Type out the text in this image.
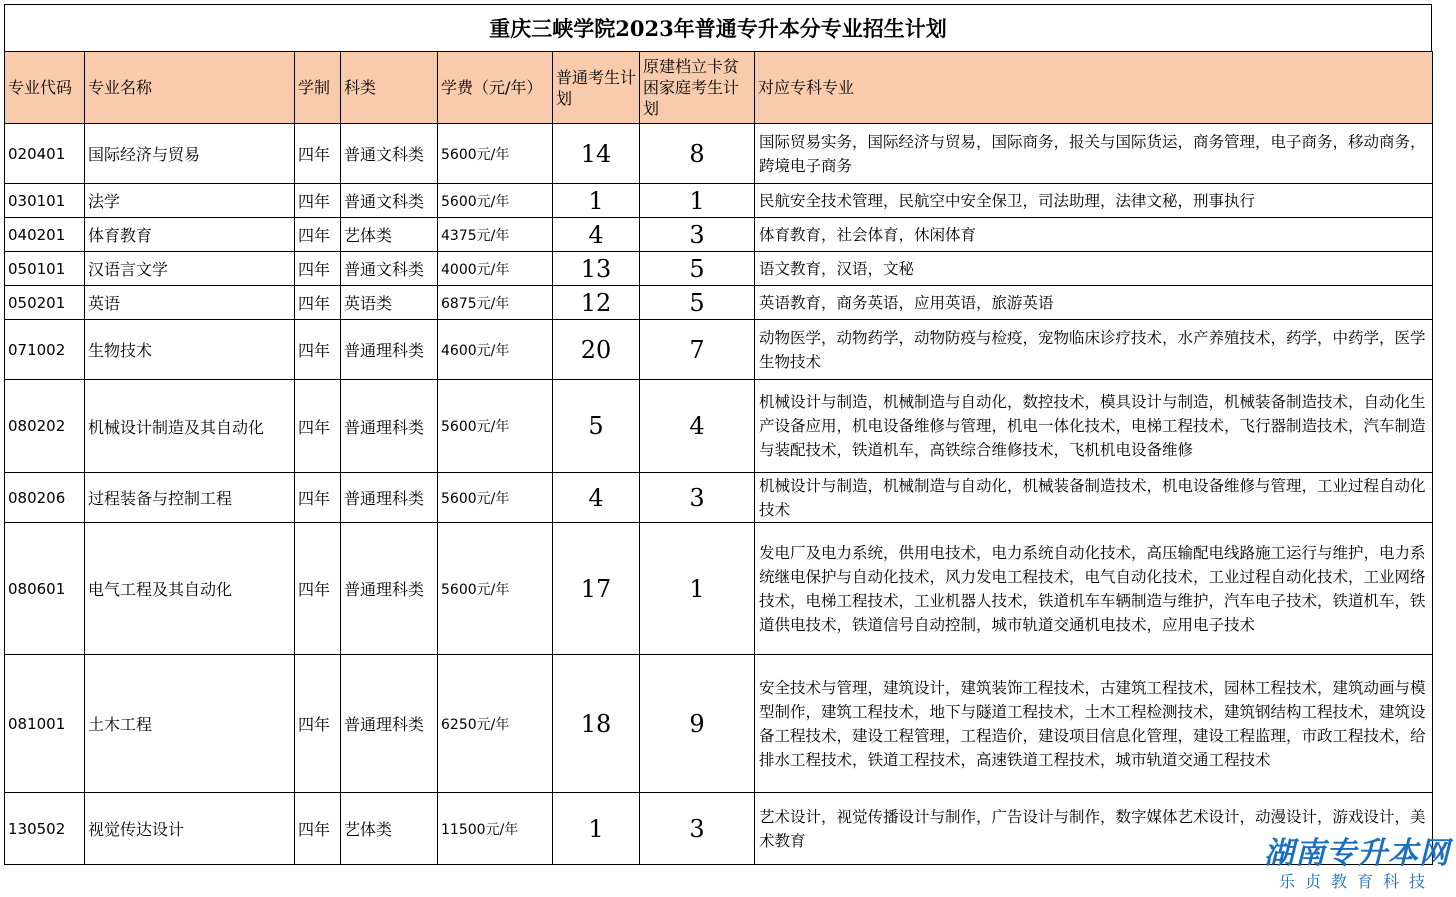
重庆三峡学院2023年普通专升本分专业招生计划
专业代码	专业名称	学制	科类	学费（元/年）	普通考生计划	原建档立卡贫困家庭考生计划	对应专科专业
020401	国际经济与贸易	四年	普通文科类	5600元/年	14	8	国际贸易实务，国际经济与贸易，国际商务，报关与国际货运，商务管理，电子商务，移动商务，跨境电子商务
030101	法学	四年	普通文科类	5600元/年	1	1	民航安全技术管理，民航空中安全保卫，司法助理，法律文秘，刑事执行
040201	体育教育	四年	艺体类	4375元/年	4	3	体育教育，社会体育，休闲体育
050101	汉语言文学	四年	普通文科类	4000元/年	13	5	语文教育，汉语，文秘
050201	英语	四年	英语类	6875元/年	12	5	英语教育，商务英语，应用英语，旅游英语
071002	生物技术	四年	普通理科类	4600元/年	20	7	动物医学，动物药学，动物防疫与检疫，宠物临床诊疗技术，水产养殖技术，药学，中药学，医学生物技术
080202	机械设计制造及其自动化	四年	普通理科类	5600元/年	5	4	机械设计与制造，机械制造与自动化，数控技术，模具设计与制造，机械装备制造技术，自动化生产设备应用，机电设备维修与管理，机电一体化技术，电梯工程技术，飞行器制造技术，汽车制造与装配技术，铁道机车，高铁综合维修技术，飞机机电设备维修
080206	过程装备与控制工程	四年	普通理科类	5600元/年	4	3	机械设计与制造，机械制造与自动化，机械装备制造技术，机电设备维修与管理，工业过程自动化技术
080601	电气工程及其自动化	四年	普通理科类	5600元/年	17	1	发电厂及电力系统，供用电技术，电力系统自动化技术，高压输配电线路施工运行与维护，电力系统继电保护与自动化技术，风力发电工程技术，电气自动化技术，工业过程自动化技术，工业网络技术，电梯工程技术，工业机器人技术，铁道机车车辆制造与维护，汽车电子技术，铁道机车，铁道供电技术，铁道信号自动控制，城市轨道交通机电技术，应用电子技术
081001	土木工程	四年	普通理科类	6250元/年	18	9	安全技术与管理，建筑设计，建筑装饰工程技术，古建筑工程技术，园林工程技术，建筑动画与模型制作，建筑工程技术，地下与隧道工程技术，土木工程检测技术，建筑钢结构工程技术，建筑设备工程技术，建设工程管理，工程造价，建设项目信息化管理，建设工程监理，市政工程技术，给排水工程技术，铁道工程技术，高速铁道工程技术，城市轨道交通工程技术
130502	视觉传达设计	四年	艺体类	11500元/年	1	3	艺术设计，视觉传播设计与制作，广告设计与制作，数字媒体艺术设计，动漫设计，游戏设计，美术教育	湖南专升本网
乐贞教育科技
